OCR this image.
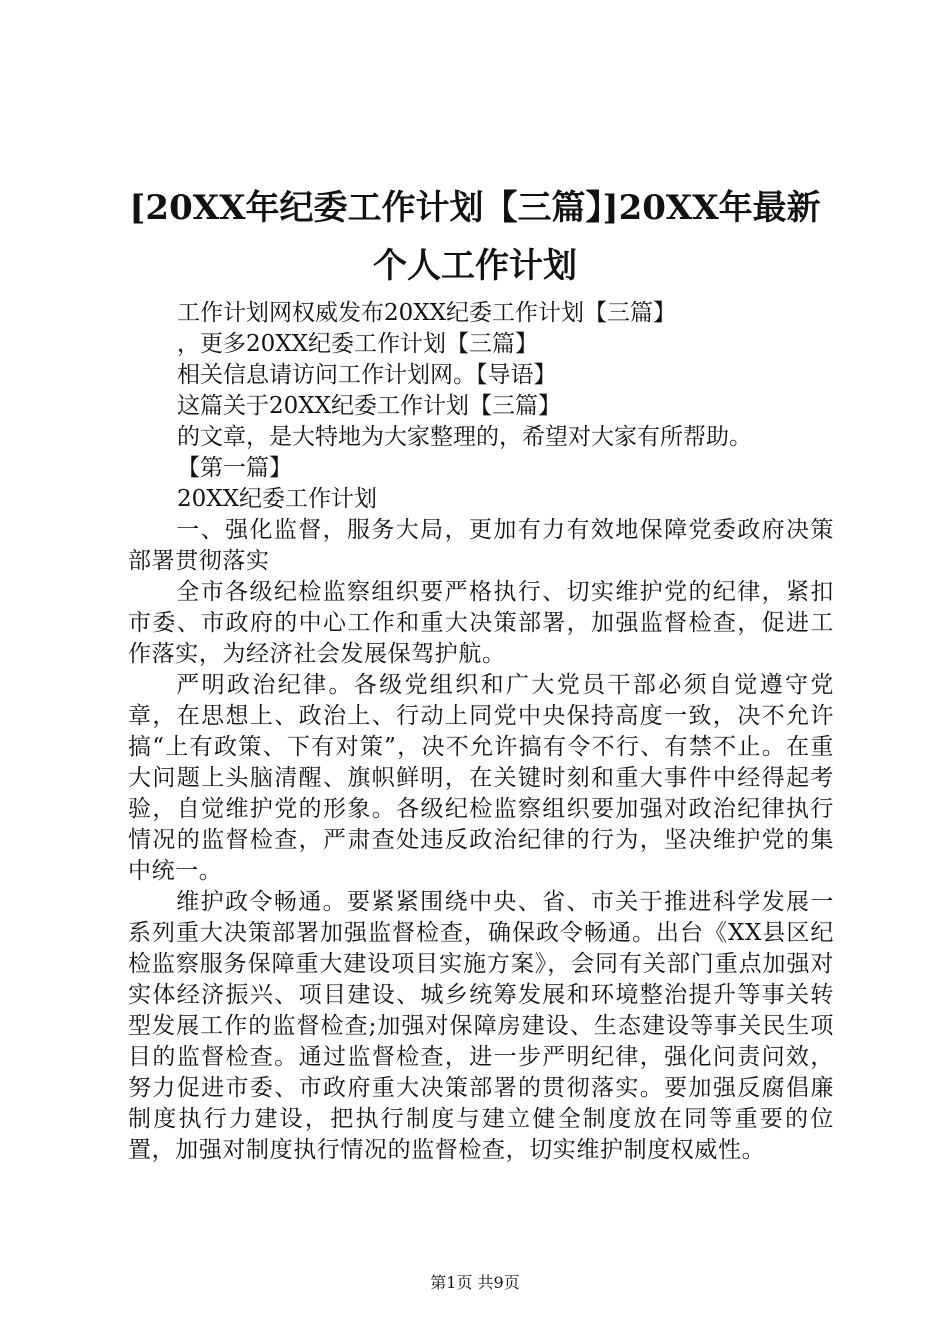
[20XX年纪委工作计划【三篇】]20XX年最新
个人工作计划
工作计划网权威发布20XX纪委工作计划【三篇】
，更多20XX纪委工作计划【三篇】
相关信息请访问工作计划网。【导语】
这篇关于20XX纪委工作计划【三篇】
的文章，是大特地为大家整理的，希望对大家有所帮助。
【第一篇】
20XX纪委工作计划

一、强化监督，服务大局，更加有力有效地保障党委政府决策部署贯彻落实

全市各级纪检监察组织要严格执行、切实维护党的纪律，紧扣市委、市政府的中心工作和重大决策部署，加强监督检查，促进工作落实，为经济社会发展保驾护航。

严明政治纪律。各级党组织和广大党员干部必须自觉遵守党章，在思想上、政治上、行动上同党中央保持高度一致，决不允许搞“上有政策、下有对策”，决不允许搞有令不行、有禁不止。在重大问题上头脑清醒、旗帜鲜明，在关键时刻和重大事件中经得起考验，自觉维护党的形象。各级纪检监察组织要加强对政治纪律执行情况的监督检查，严肃查处违反政治纪律的行为，坚决维护党的集中统一。

维护政令畅通。要紧紧围绕中央、省、市关于推进科学发展一系列重大决策部署加强监督检查，确保政令畅通。出台《XX县区纪检监察服务保障重大建设项目实施方案》，会同有关部门重点加强对实体经济振兴、项目建设、城乡统筹发展和环境整治提升等事关转型发展工作的监督检查;加强对保障房建设、生态建设等事关民生项目的监督检查。通过监督检查，进一步严明纪律，强化问责问效，努力促进市委、市政府重大决策部署的贯彻落实。要加强反腐倡廉制度执行力建设，把执行制度与建立健全制度放在同等重要的位置，加强对制度执行情况的监督检查，切实维护制度权威性。

第1页 共9页
